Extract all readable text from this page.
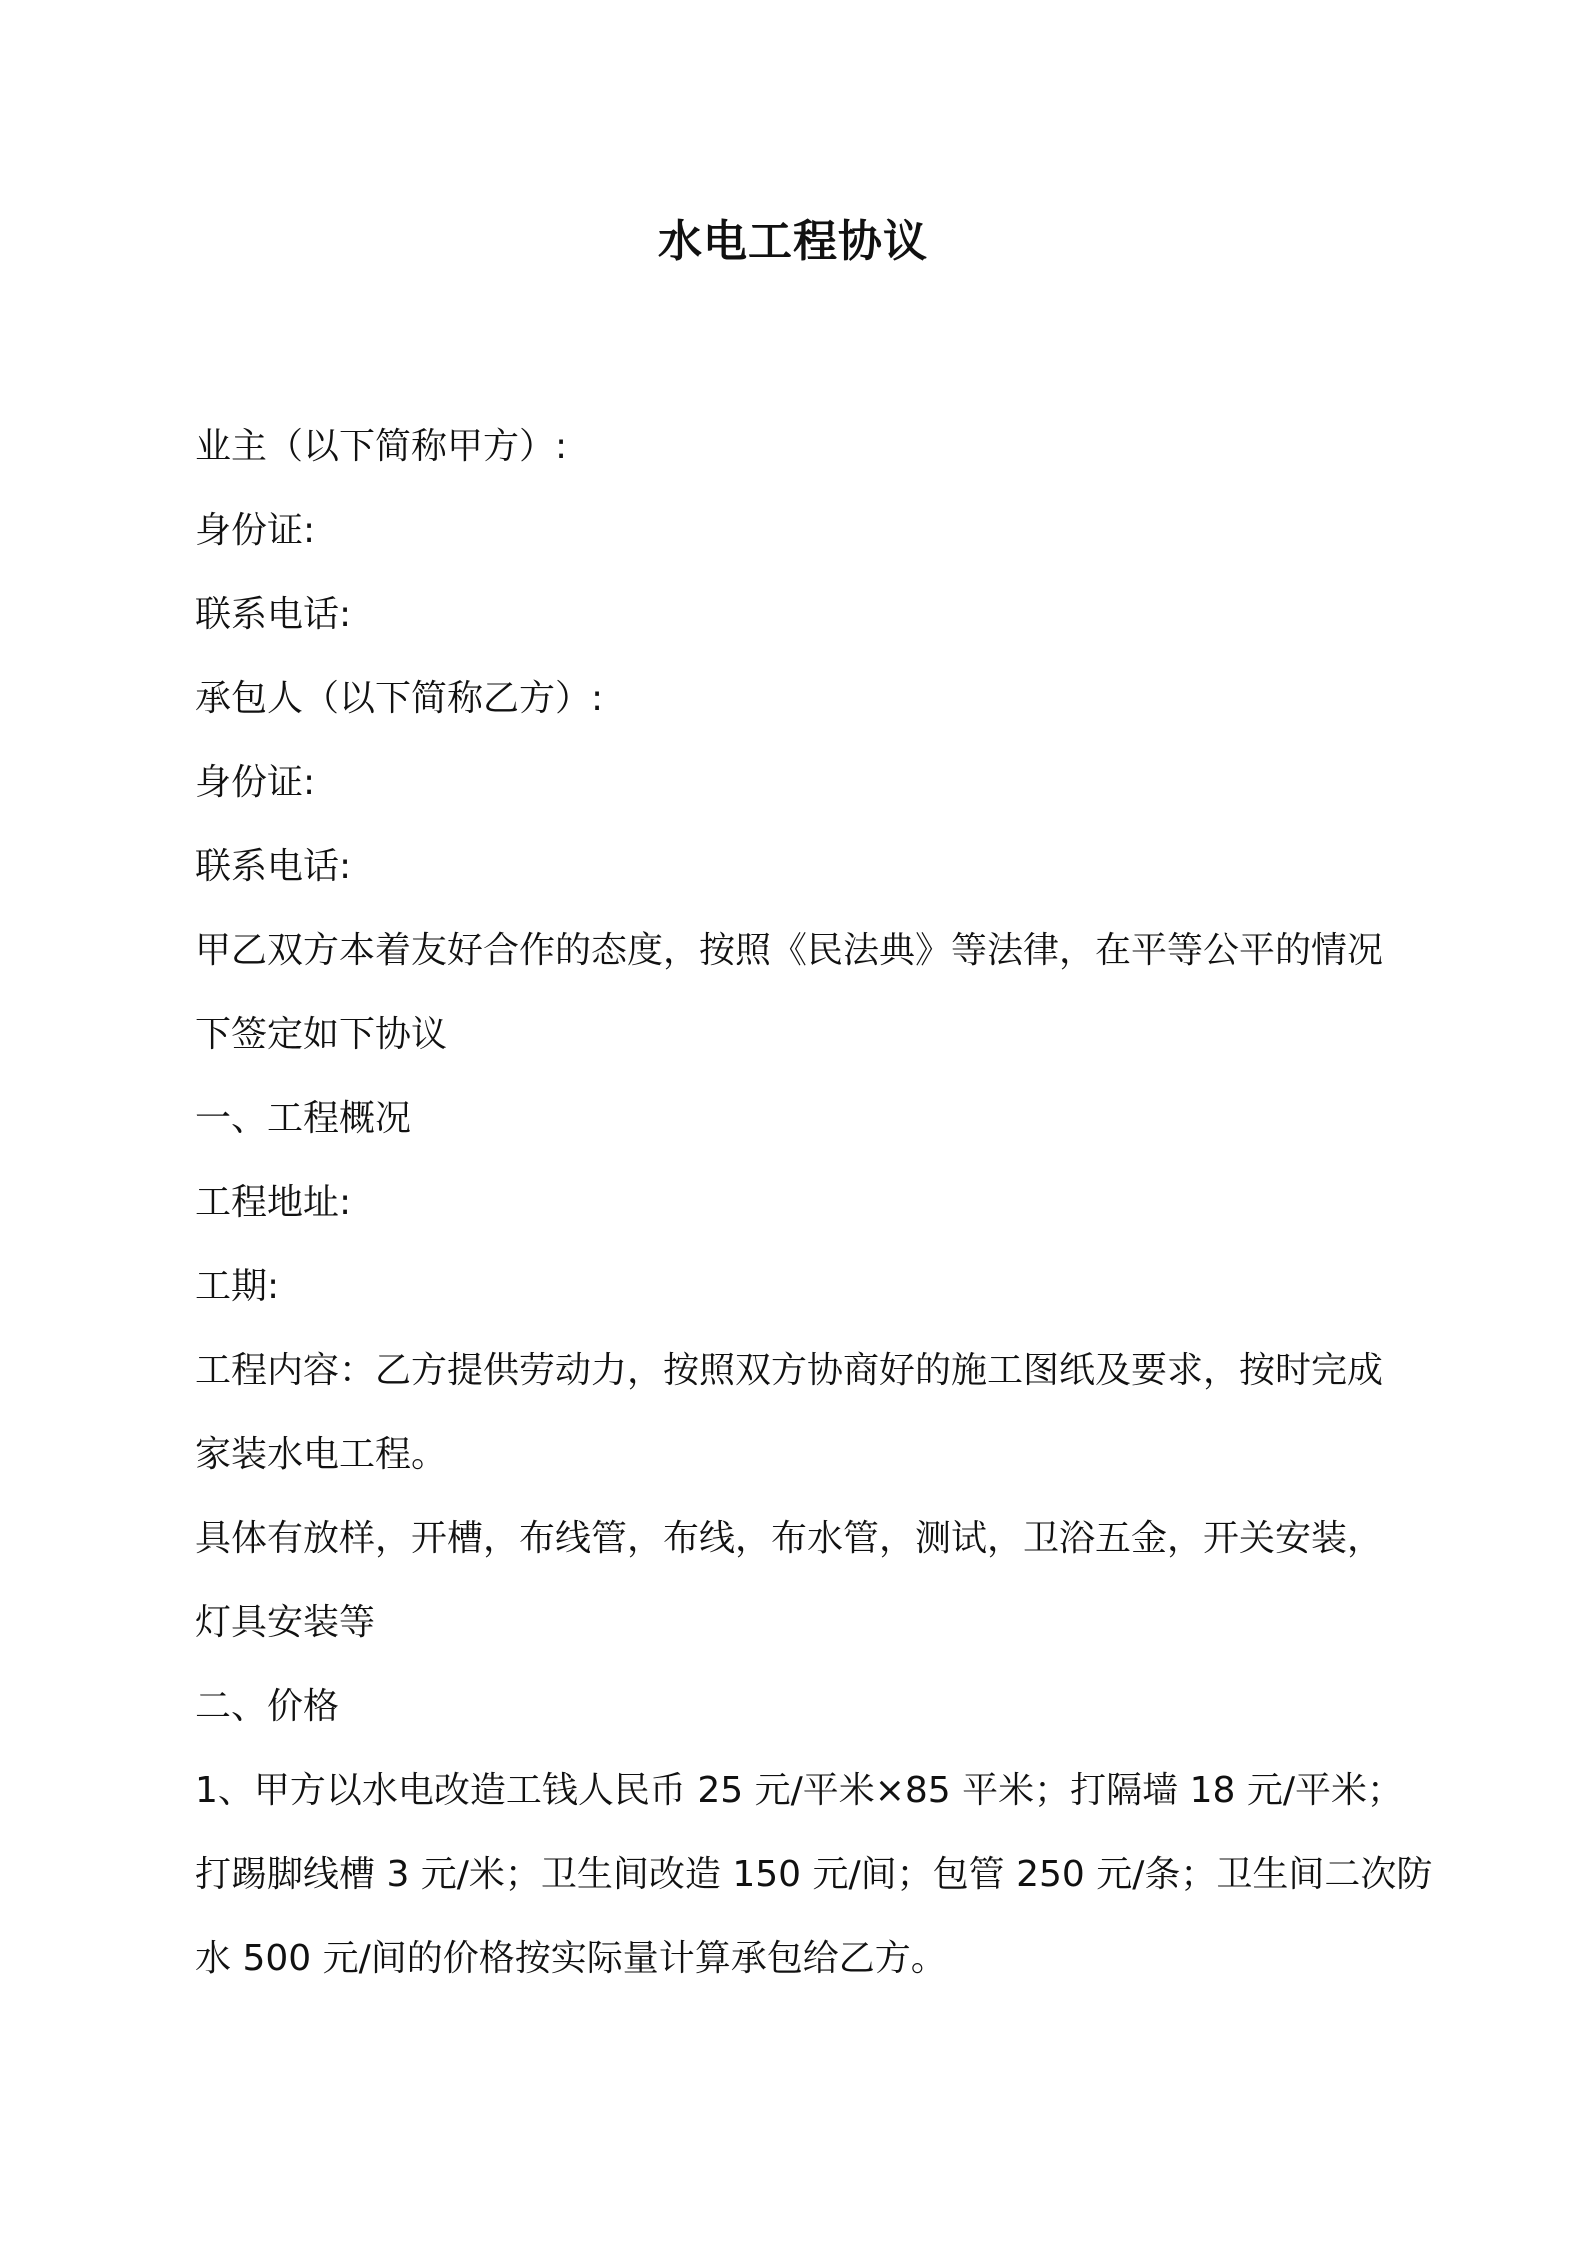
水电工程协议
业主（以下简称甲方）:
身份证:
联系电话:
承包人（以下简称乙方）:
身份证:
联系电话:
甲乙双方本着友好合作的态度，按照《民法典》等法律，在平等公平的情况
下签定如下协议
一、工程概况
工程地址:
工期:
工程内容：乙方提供劳动力，按照双方协商好的施工图纸及要求，按时完成
家装水电工程。
具体有放样，开槽，布线管，布线，布水管，测试，卫浴五金，开关安装，
灯具安装等
二、价格
1、甲方以水电改造工钱人民币 25 元/平米×85 平米；打隔墙 18 元/平米；
打踢脚线槽 3 元/米；卫生间改造 150 元/间；包管 250 元/条；卫生间二次防
水 500 元/间的价格按实际量计算承包给乙方。
